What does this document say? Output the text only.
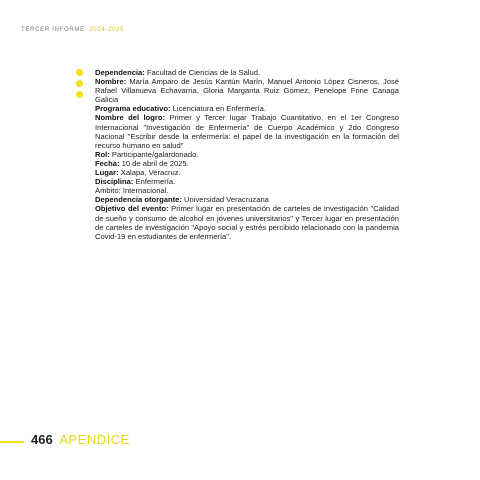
TERCER INFORME 2024-2025

Dependencia: Facultad de Ciencias de la Salud.

Nombre: María Amparo de Jesús Kantún Marín, Manuel Antonio López Cisneros, José Rafael Villanueva Echavarria, Gloria Margarita Ruiz Gómez, Penelope Frine Cariaga Galicia

Programa educativo: Licenciatura en Enfermería.

Nombre del logro: Primer y Tercer lugar Trabajo Cuantitativo, en el 1er Congreso Internacional "Investigación de Enfermería" de Cuerpo Académico y 2do Congreso Nacional "Escribir desde la enfermería: el papel de la investigación en la formación del recurso humano en salud"

Rol: Participante/galardonado.

Fecha: 10 de abril de 2025.

Lugar: Xalapa, Veracruz.

Disciplina: Enfermería.

Ámbito: Internacional.

Dependencia otorgante: Universidad Veracruzana

Objetivo del evento: Primer lugar en presentación de carteles de investigación "Calidad de sueño y consumo de alcohol en jóvenes universitarios" y Tercer lugar en presentación de carteles de investigación "Apoyo social y estrés percibido relacionado con la pandemia Covid-19 en estudiantes de enfermería".

466 APENDICE
